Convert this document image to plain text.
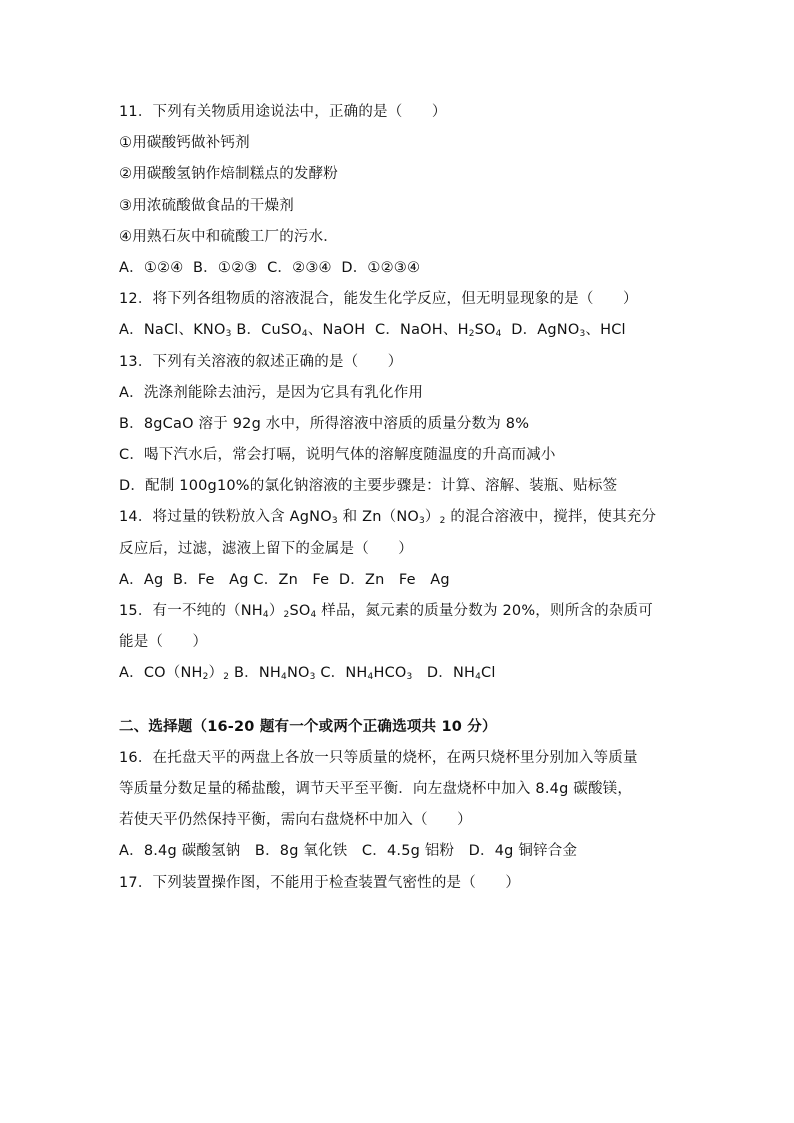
11．下列有关物质用途说法中，正确的是（　　）
①用碳酸钙做补钙剂
②用碳酸氢钠作焙制糕点的发酵粉
③用浓硫酸做食品的干燥剂
④用熟石灰中和硫酸工厂的污水．
A．①②④  B．①②③  C．②③④  D．①②③④
12．将下列各组物质的溶液混合，能发生化学反应，但无明显现象的是（　　）
A．NaCl、$KNO_3$ B．CuSO$_4$、NaOH  C．NaOH、$H_2SO_4$  D．AgNO$_3$、HCl
13．下列有关溶液的叙述正确的是（　　）
A．洗涤剂能除去油污，是因为它具有乳化作用
B．8gCaO 溶于 92g 水中，所得溶液中溶质的质量分数为 8%
C．喝下汽水后，常会打嗝，说明气体的溶解度随温度的升高而减小
D．配制 100g10%的氯化钠溶液的主要步骤是：计算、溶解、装瓶、贴标签
14．将过量的铁粉放入含 AgNO$_3$ 和 $Zn(NO_3)_2$ 的混合溶液中，搅拌，使其充分
反应后，过滤，滤液上留下的金属是（　　）
A．Ag  B．Fe   Ag C．Zn   Fe  D．Zn   Fe   Ag
15．有一不纯的$(NH_4)_2SO_4$ 样品，氮元素的质量分数为 20%，则所含的杂质可
能是（　　）
A．$CO(NH_2)_2$ B．$NH_4NO_3$ C．$NH_4HCO_3$   D．$NH_4Cl$
二、选择题（16-20 题有一个或两个正确选项共 10 分）
16．在托盘天平的两盘上各放一只等质量的烧杯，在两只烧杯里分别加入等质量
等质量分数足量的稀盐酸，调节天平至平衡．向左盘烧杯中加入 8.4g 碳酸镁，
若使天平仍然保持平衡，需向右盘烧杯中加入（　　）
A．8.4g 碳酸氢钠   B．8g 氧化铁   C．4.5g 铝粉   D．4g 铜锌合金
17．下列装置操作图，不能用于检查装置气密性的是（　　）
